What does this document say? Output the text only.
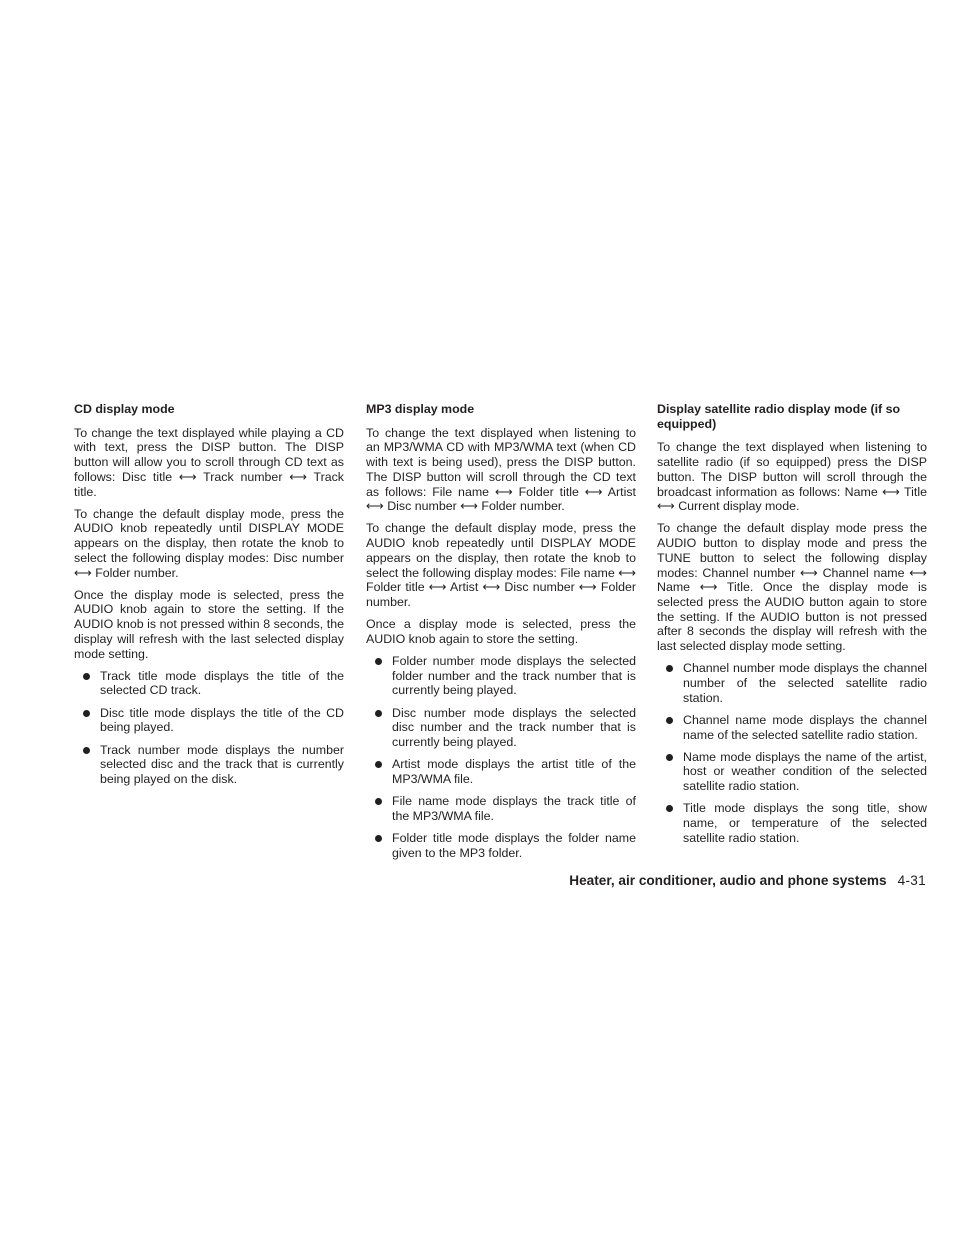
CD display mode

To change the text displayed while playing a CD with text, press the DISP button. The DISP button will allow you to scroll through CD text as follows: Disc title ⟷ Track number ⟷ Track title.

To change the default display mode, press the AUDIO knob repeatedly until DISPLAY MODE appears on the display, then rotate the knob to select the following display modes: Disc number ⟷ Folder number.

Once the display mode is selected, press the AUDIO knob again to store the setting. If the AUDIO knob is not pressed within 8 seconds, the display will refresh with the last selected display mode setting.

Track title mode displays the title of the selected CD track.
Disc title mode displays the title of the CD being played.
Track number mode displays the number selected disc and the track that is currently being played on the disk.
MP3 display mode

To change the text displayed when listening to an MP3/WMA CD with MP3/WMA text (when CD with text is being used), press the DISP button. The DISP button will scroll through the CD text as follows: File name ⟷ Folder title ⟷ Artist ⟷ Disc number ⟷ Folder number.

To change the default display mode, press the AUDIO knob repeatedly until DISPLAY MODE appears on the display, then rotate the knob to select the following display modes: File name ⟷ Folder title ⟷ Artist ⟷ Disc number ⟷ Folder number.

Once a display mode is selected, press the AUDIO knob again to store the setting.

Folder number mode displays the selected folder number and the track number that is currently being played.
Disc number mode displays the selected disc number and the track number that is currently being played.
Artist mode displays the artist title of the MP3/WMA file.
File name mode displays the track title of the MP3/WMA file.
Folder title mode displays the folder name given to the MP3 folder.
Display satellite radio display mode (if so equipped)

To change the text displayed when listening to satellite radio (if so equipped) press the DISP button. The DISP button will scroll through the broadcast information as follows: Name ⟷ Title ⟷ Current display mode.

To change the default display mode press the AUDIO button to display mode and press the TUNE button to select the following display modes: Channel number ⟷ Channel name ⟷ Name ⟷ Title. Once the display mode is selected press the AUDIO button again to store the setting. If the AUDIO button is not pressed after 8 seconds the display will refresh with the last selected display mode setting.

Channel number mode displays the channel number of the selected satellite radio station.
Channel name mode displays the channel name of the selected satellite radio station.
Name mode displays the name of the artist, host or weather condition of the selected satellite radio station.
Title mode displays the song title, show name, or temperature of the selected satellite radio station.
Heater, air conditioner, audio and phone systems 4-31
